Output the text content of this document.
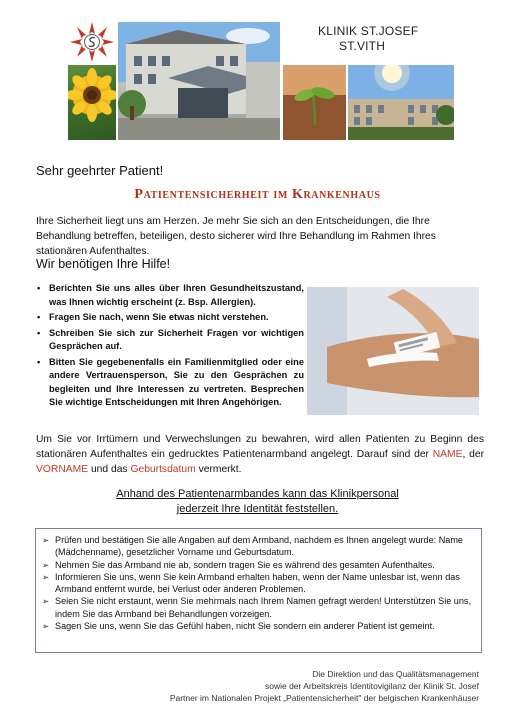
KLINIK ST.JOSEF
ST.VITH
Sehr geehrter Patient!
Patientensicherheit im Krankenhaus
Ihre Sicherheit liegt uns am Herzen. Je mehr Sie sich an den Entscheidungen, die Ihre Behandlung betreffen, beteiligen, desto sicherer wird Ihre Behandlung im Rahmen Ihres stationären Aufenthaltes.
Wir benötigen Ihre Hilfe!
• Berichten Sie uns alles über Ihren Gesundheitszustand, was Ihnen wichtig erscheint (z. Bsp. Allergien).
• Fragen Sie nach, wenn Sie etwas nicht verstehen.
• Schreiben Sie sich zur Sicherheit Fragen vor wichtigen Gesprächen auf.
• Bitten Sie gegebenenfalls ein Familienmitglied oder eine andere Vertrauensperson, Sie zu den Gesprächen zu begleiten und Ihre Interessen zu vertreten. Besprechen Sie wichtige Entscheidungen mit Ihren Angehörigen.
Um Sie vor Irrtümern und Verwechslungen zu bewahren, wird allen Patienten zu Beginn des stationären Aufenthaltes ein gedrucktes Patientenarmband angelegt. Darauf sind der NAME, der VORNAME und das Geburtsdatum vermerkt.
Anhand des Patientenarmbandes kann das Klinikpersonal
jederzeit Ihre Identität feststellen.
➢ Prüfen und bestätigen Sie alle Angaben auf dem Armband, nachdem es Ihnen angelegt wurde: Name (Mädchenname), gesetzlicher Vorname und Geburtsdatum.
➢ Nehmen Sie das Armband nie ab, sondern tragen Sie es während des gesamten Aufenthaltes.
➢ Informieren Sie uns, wenn Sie kein Armband erhalten haben, wenn der Name unlesbar ist, wenn das Armband entfernt wurde, bei Verlust oder anderen Problemen.
➢ Seien Sie nicht erstaunt, wenn Sie mehrmals nach Ihrem Namen gefragt werden! Unterstützen Sie uns, indem Sie das Armband bei Behandlungen vorzeigen.
➢ Sagen Sie uns, wenn Sie das Gefühl haben, nicht Sie sondern ein anderer Patient ist gemeint.
Die Direktion und das Qualitätsmanagement
sowie der Arbeitskreis Identitovigilanz der Klinik St. Josef
Partner im Nationalen Projekt „Patientensicherheit" der belgischen Krankenhäuser
